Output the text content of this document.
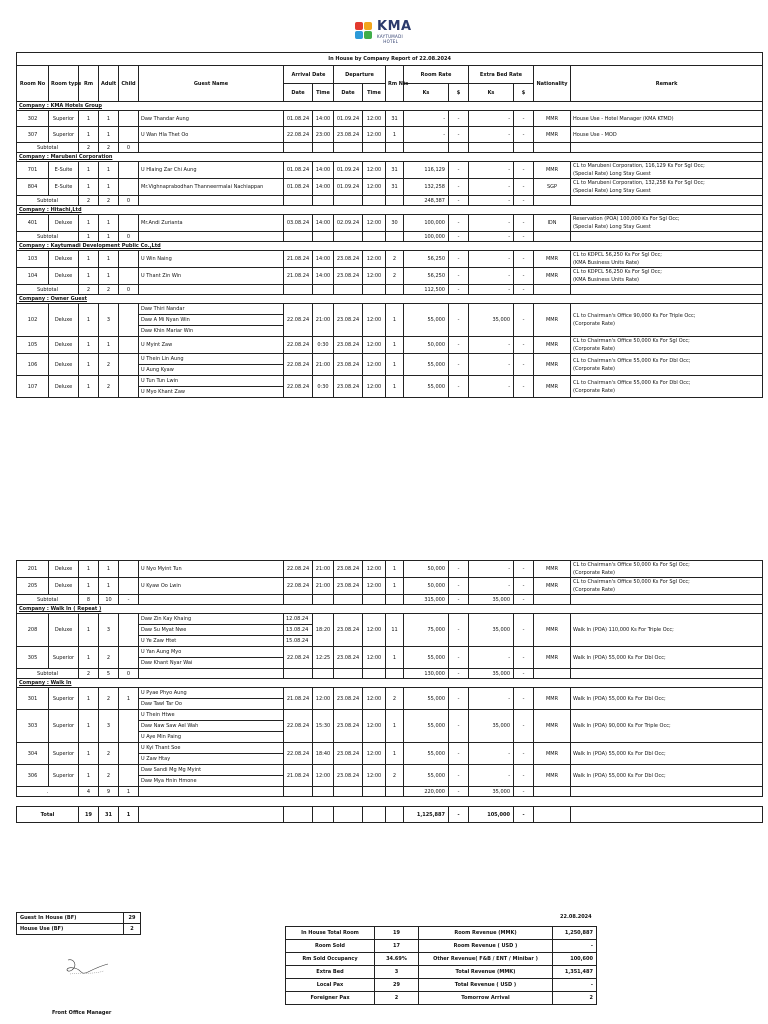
KMA
KAYTUMADI
HOTEL
In House by Company Report of 22.08.2024																
Room No	Room type	Rm	Adult	Child	Guest Name	Arrival Date		Departure		Rm Nts	Room Rate		Extra Bed Rate		Nationality	Remark
						Date	Time	Date	Time		Ks	$	Ks	$		
Company : KMA Hotels Group																
302	Superior	1	1		Daw Thandar Aung	01.08.24	14:00	01.09.24	12:00	31	-	-	-	-	MMR	House Use - Hotel Manager (KMA KTMD)

307	Superior	1	1		U Wan Hla Thet Oo	22.08.24	23:00	23.08.24	12:00	1	-	-	-	-	MMR	House Use - MOD

Subtotal		2	2	0												
Company : Marubeni Corporation																
701	E-Suite	1	1		U Hlaing Zar Chi Aung	01.08.24	14:00	01.09.24	12:00	31	116,129	-	-	-	MMR	CL to Marubeni Corporation, 116,129 Ks For Sgl Occ;
(Special Rate) Long Stay Guest

804	E-Suite	1	1		Mr.Vighnaprabodhan Thanneermalai Nachiappan	01.08.24	14:00	01.09.24	12:00	31	132,258	-	-	-	SGP	CL to Marubeni Corporation, 132,258 Ks For Sgl Occ;
(Special Rate) Long Stay Guest

Subtotal		2	2	0							248,387	-	-	-		
Company : Hitachi,Ltd																
401	Deluxe	1	1		Mr.Andi Zurianta	03.08.24	14:00	02.09.24	12:00	30	100,000	-	-	-	IDN	Reservation (POA) 100,000 Ks For Sgl Occ;
(Special Rate) Long Stay Guest

Subtotal		1	1	0							100,000	-	-	-		
Company : Kaytumadi Development Public Co.,Ltd																
103	Deluxe	1	1		U Win Naing	21.08.24	14:00	23.08.24	12:00	2	56,250	-	-	-	MMR	CL to KDPCL 56,250 Ks For Sgl Occ;
(KMA Business Units Rate)

104	Deluxe	1	1		U Thant Zin Win	21.08.24	14:00	23.08.24	12:00	2	56,250	-	-	-	MMR	CL to KDPCL 56,250 Ks For Sgl Occ;
(KMA Business Units Rate)

Subtotal		2	2	0							112,500	-	-	-		
Company : Owner Guest																
102	Deluxe	1	3		Daw Thiri Nandar
Daw A Mi Nyan Win
Daw Khin Mariar Win	22.08.24	21:00	23.08.24	12:00	1	55,000	-	35,000	-	MMR	CL to Chairman's Office 90,000 Ks For Triple Occ;
(Corporate Rate)

105	Deluxe	1	1		U Myint Zaw	22.08.24	0:30	23.08.24	12:00	1	50,000	-	-	-	MMR	CL to Chairman's Office 50,000 Ks For Sgl Occ;
(Corporate Rate)

106	Deluxe	1	2		U Thein Lin Aung
U Aung Kyaw	22.08.24	21:00	23.08.24	12:00	1	55,000	-	-	-	MMR	CL to Chairman's Office 55,000 Ks For Dbl Occ;
(Corporate Rate)

107	Deluxe	1	2		U Tun Tun Lwin
U Myo Khant Zaw	22.08.24	0:30	23.08.24	12:00	1	55,000	-	-	-	MMR	CL to Chairman's Office 55,000 Ks For Dbl Occ;
(Corporate Rate)
201	Deluxe	1	1		U Nyo Myint Tun	22.08.24	21:00	23.08.24	12:00	1	50,000	-	-	-	MMR	CL to Chairman's Office 50,000 Ks For Sgl Occ;
(Corporate Rate)

205	Deluxe	1	1		U Kyaw Oo Lwin	22.08.24	21:00	23.08.24	12:00	1	50,000	-	-	-	MMR	CL to Chairman's Office 50,000 Ks For Sgl Occ;
(Corporate Rate)

Subtotal		8	10	-							315,000	-	35,000	-		
Company : Walk In ( Repeat )																
208	Deluxe	1	3		Daw Zin Kay Khaing
Daw Su Myat Nwe
U Ye Zaw Htet	12.08.24
13.08.24
15.08.24	18:20	23.08.24	12:00	11	75,000	-	35,000	-	MMR	Walk In (POA) 110,000 Ks For Triple Occ;

305	Superior	1	2		U Yan Aung Myo
Daw Khant Nyar Wai	22.08.24	12:25	23.08.24	12:00	1	55,000	-	-	-	MMR	Walk In (POA) 55,000 Ks For Dbl Occ;

Subtotal		2	5	0							130,000	-	35,000	-		
Company : Walk In																
301	Superior	1	2	1	U Pyae Phyo Aung
Daw Tawl Tar Oo	21.08.24	12:00	23.08.24	12:00	2	55,000	-	-	-	MMR	Walk In (POA) 55,000 Ks For Dbl Occ;

303	Superior	1	3		U Thein Htwe
Daw Naw Saw Ael Wah
U Aye Min Paing	22.08.24	15:30	23.08.24	12:00	1	55,000	-	35,000	-	MMR	Walk In (POA) 90,000 Ks For Triple Occ;

304	Superior	1	2		U Kyi Thant Soe
U Zaw Htay	22.08.24	18:40	23.08.24	12:00	1	55,000	-	-	-	MMR	Walk In (POA) 55,000 Ks For Dbl Occ;

306	Superior	1	2		Daw Sandi Mg Mg Myint
Daw Mya Hnin Hmone	21.08.24	12:00	23.08.24	12:00	2	55,000	-	-	-	MMR	Walk In (POA) 55,000 Ks For Dbl Occ;

.		4	9	1							220,000	-	35,000	-		

Total		19	31	1							1,125,887	-	105,000	-		
Guest In House (BF)	29
House Use (BF)	2
22.08.2024
In House Total Room	19	Room Revenue (MMK)	1,250,887
Room Sold	17	Room Revenue ( USD )	-
Rm Sold Occupancy	34.69%	Other Revenue( F&B / ENT / Minibar )	100,600
Extra Bed	3	Total Revenue (MMK)	1,351,487
Local Pax	29	Total Revenue ( USD )	-
Foreigner Pax	2	Tomorrow Arrival	2
Front Office Manager
